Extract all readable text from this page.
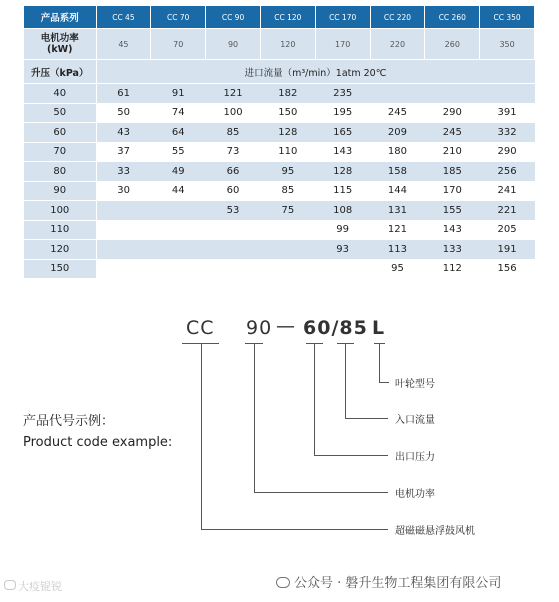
产品系列	CC 45	CC 70	CC 90	CC 120	CC 170	CC 220	CC 260	CC 350
电机功率
(kW)	45	70	90	120	170	220	260	350
升压（kPa）	进口流量（m³/min）1atm 20℃							
40	61	91	121	182	235			
50	50	74	100	150	195	245	290	391
60	43	64	85	128	165	209	245	332
70	37	55	73	110	143	180	210	290
80	33	49	66	95	128	158	185	256
90	30	44	60	85	115	144	170	241
100			53	75	108	131	155	221
110					99	121	143	205
120					93	113	133	191
150						95	112	156
CC 90 — 60/85 L
叶轮型号
入口流量
出口压力
电机功率
超磁磁悬浮鼓风机
产品代号示例：
Product code example:
公众号 · 磐升生物工程集团有限公司
大疫锟锐
